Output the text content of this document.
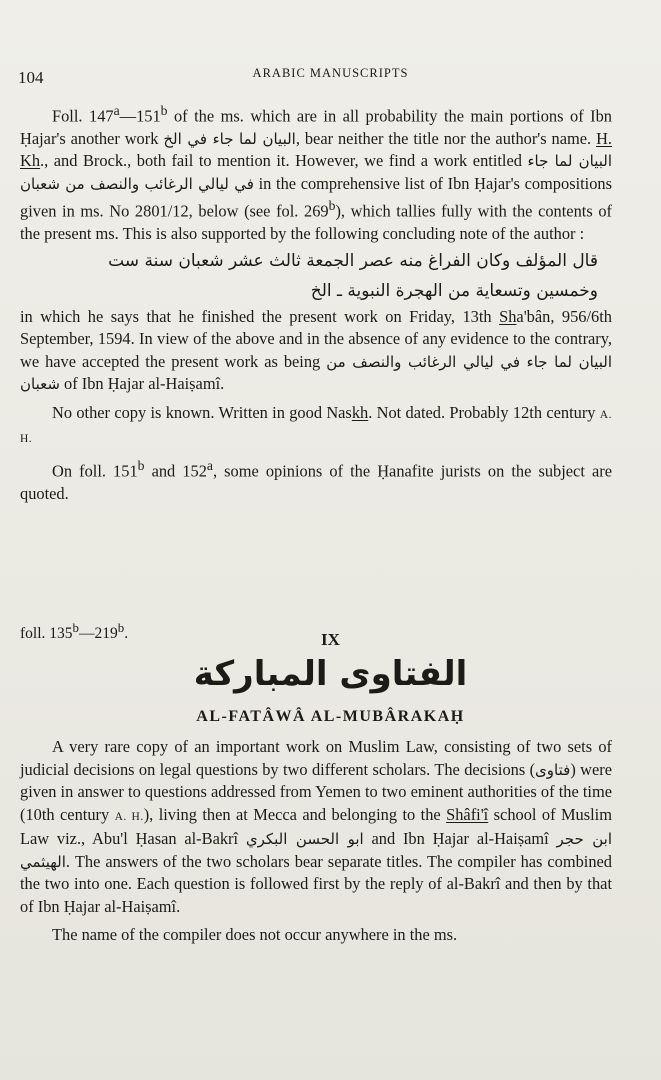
104	ARABIC MANUSCRIPTS

Foll. 147$^a$—151$^b$ of the ms. which are in all probability the main portions of Ibn Ḥajar's another work البيان لما جاء في الخ, bear neither the title nor the author's name. H. Kh., and Brock., both fail to mention it. However, we find a work entitled البيان لما جاء في ليالي الرغائب والنصف من شعبان in the comprehensive list of Ibn Ḥajar's compositions given in ms. No 2801/12, below (see fol. 269$^b$), which tallies fully with the contents of the present ms. This is also supported by the following concluding note of the author :

قال المؤلف وكان الفراغ منه عصر الجمعة ثالث عشر شعبان سنة ست
وخمسين وتسعاية من الهجرة النبوية ـ الخ

in which he says that he finished the present work on Friday, 13th Sha'bân, 956/6th September, 1594. In view of the above and in the absence of any evidence to the contrary, we have accepted the present work as being البيان لما جاء في ليالي الرغائب والنصف من شعبان of Ibn Ḥajar al-Haiṣamî.

No other copy is known. Written in good Naskh. Not dated. Probably 12th century A. H.

On foll. 151$^b$ and 152$^a$, some opinions of the Ḥanafite jurists on the subject are quoted.

foll. 135$^b$—219$^b$.	IX
الفتاوى المباركة
AL-FATÂWÂ AL-MUBÂRAKAḤ

A very rare copy of an important work on Muslim Law, consisting of two sets of judicial decisions on legal questions by two different scholars. The decisions (فتاوى) were given in answer to questions addressed from Yemen to two eminent authorities of the time (10th century A. H.), living then at Mecca and belonging to the Shâfi'î school of Muslim Law viz., Abu'l Ḥasan al-Bakrî ابو الحسن البكري and Ibn Ḥajar al-Haiṣamî ابن حجر الهيثمي. The answers of the two scholars bear separate titles. The compiler has combined the two into one. Each question is followed first by the reply of al-Bakrî and then by that of Ibn Ḥajar al-Haiṣamî.

The name of the compiler does not occur anywhere in the ms.
